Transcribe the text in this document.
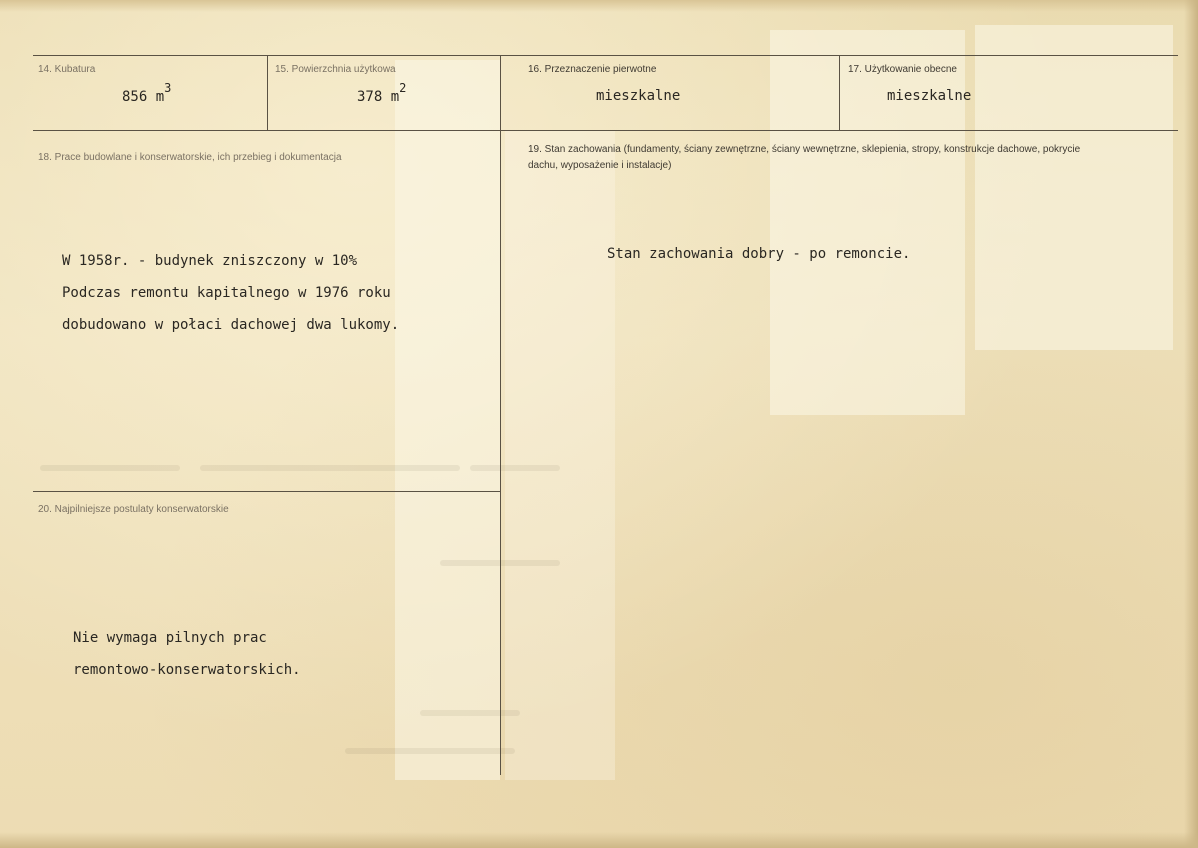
14. Kubatura
856 $m^3$
15. Powierzchnia użytkowa
378 $m^2$
16. Przeznaczenie pierwotne
mieszkalne
17. Użytkowanie obecne
mieszkalne
18. Prace budowlane i konserwatorskie, ich przebieg i dokumentacja
W 1958r. - budynek zniszczony w 10%
Podczas remontu kapitalnego w 1976 roku
dobudowano w połaci dachowej dwa lukomy.
19. Stan zachowania (fundamenty, ściany zewnętrzne, ściany wewnętrzne, sklepienia, stropy, konstrukcje dachowe, pokrycie dachu, wyposażenie i instalacje)
Stan zachowania dobry - po remoncie.
20. Najpilniejsze postulaty konserwatorskie
Nie wymaga pilnych prac
remontowo-konserwatorskich.
